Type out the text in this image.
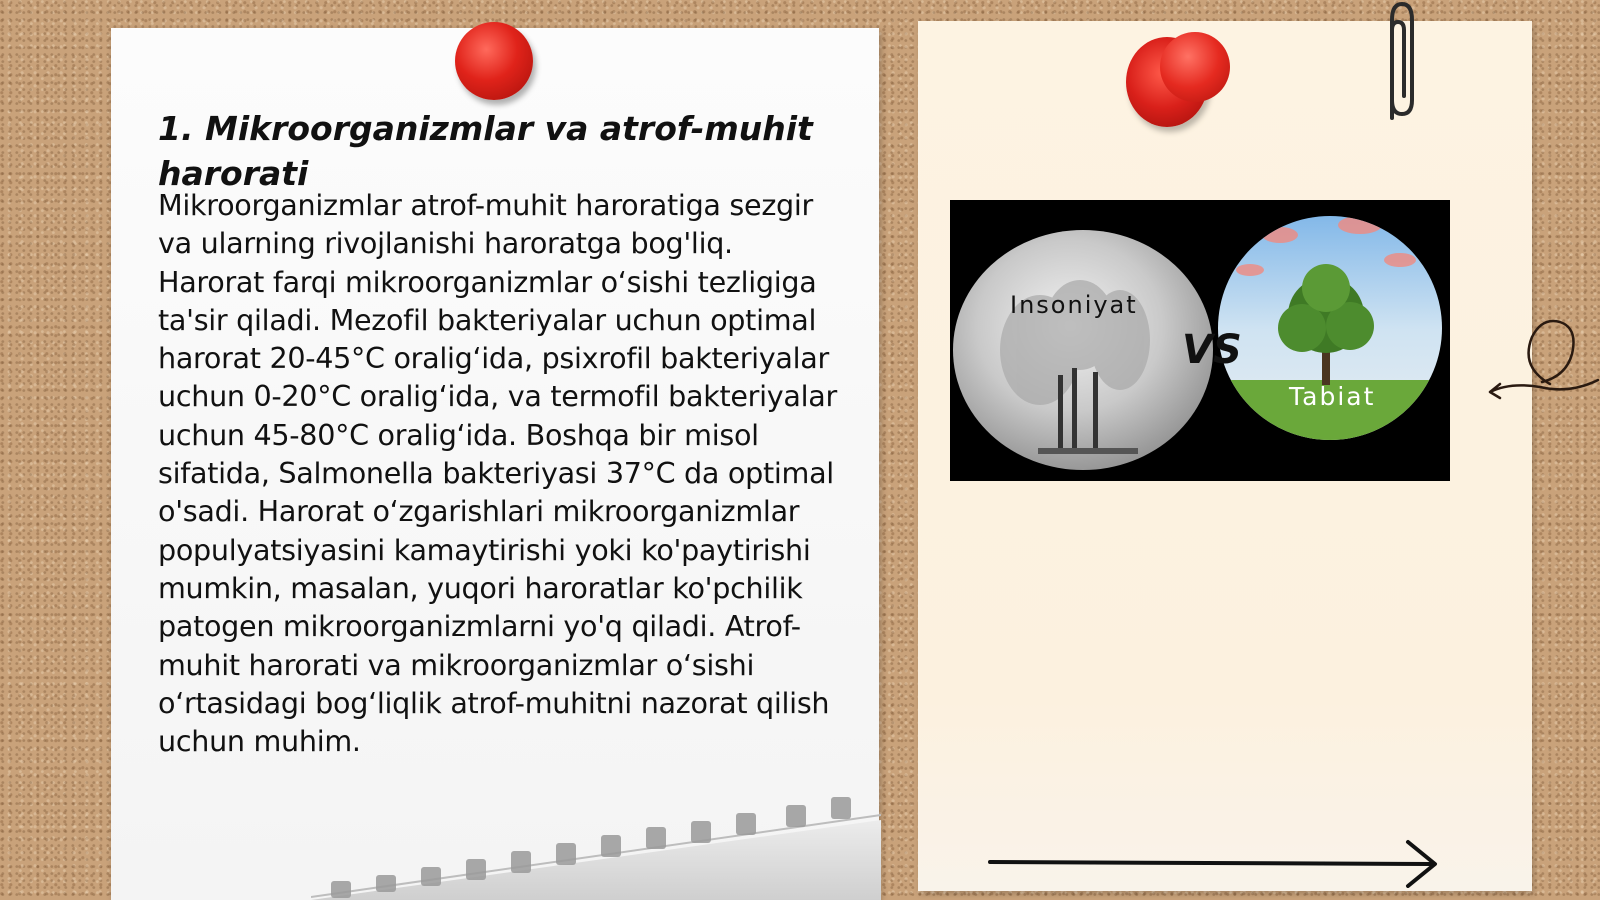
1. Mikroorganizmlar va atrof-muhit harorati

Mikroorganizmlar atrof-muhit haroratiga sezgir va ularning rivojlanishi haroratga bog'liq. Harorat farqi mikroorganizmlar o‘sishi tezligiga ta'sir qiladi. Mezofil bakteriyalar uchun optimal harorat 20-45°C oralig‘ida, psixrofil bakteriyalar uchun 0-20°C oralig‘ida, va termofil bakteriyalar uchun 45-80°C oralig‘ida. Boshqa bir misol sifatida, Salmonella bakteriyasi 37°C da optimal o'sadi. Harorat o‘zgarishlari mikroorganizmlar populyatsiyasini kamaytirishi yoki ko'paytirishi mumkin, masalan, yuqori haroratlar ko'pchilik patogen mikroorganizmlarni yo'q qiladi. Atrof-muhit harorati va mikroorganizmlar o‘sishi o‘rtasidagi bog‘liqlik atrof-muhitni nazorat qilish uchun muhim.

Insoniyat
VS
Tabiat
